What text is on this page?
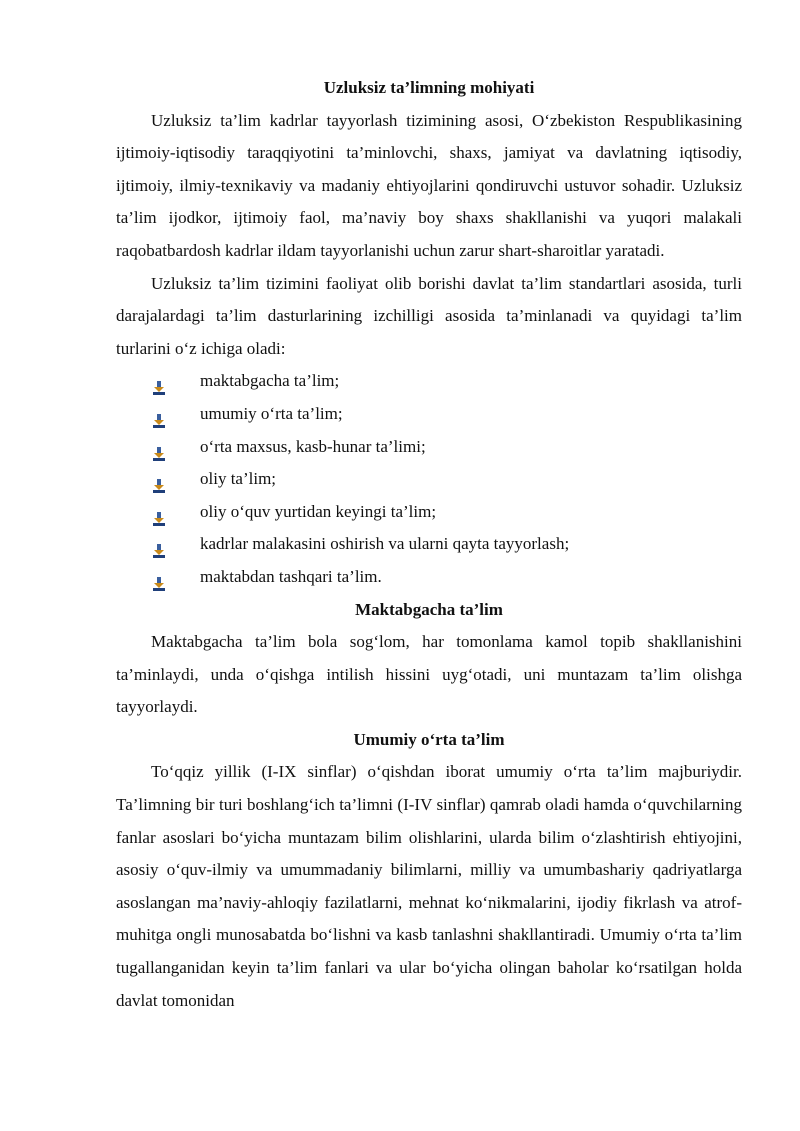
Uzluksiz ta’limning mohiyati

Uzluksiz ta’lim kadrlar tayyorlash tizimining asosi, O‘zbekiston Respublikasining ijtimoiy-iqtisodiy taraqqiyotini ta’minlovchi, shaxs, jamiyat va davlatning iqtisodiy, ijtimoiy, ilmiy-texnikaviy va madaniy ehtiyojlarini qondiruvchi ustuvor sohadir. Uzluksiz ta’lim ijodkor, ijtimoiy faol, ma’naviy boy shaxs shakllanishi va yuqori malakali raqobatbardosh kadrlar ildam tayyorlanishi uchun zarur shart-sharoitlar yaratadi.

Uzluksiz ta’lim tizimini faoliyat olib borishi davlat ta’lim standartlari asosida, turli darajalardagi ta’lim dasturlarining izchilligi asosida ta’minlanadi va quyidagi ta’lim turlarini o‘z ichiga oladi:

maktabgacha ta’lim;
umumiy o‘rta ta’lim;
o‘rta maxsus, kasb-hunar ta’limi;
oliy ta’lim;
oliy o‘quv yurtidan keyingi ta’lim;
kadrlar malakasini oshirish va ularni qayta tayyorlash;
maktabdan tashqari ta’lim.

Maktabgacha ta’lim

Maktabgacha ta’lim bola sog‘lom, har tomonlama kamol topib shakllanishini ta’minlaydi, unda o‘qishga intilish hissini uyg‘otadi, uni muntazam ta’lim olishga tayyorlaydi.

Umumiy o‘rta ta’lim

To‘qqiz yillik (I-IX sinflar) o‘qishdan iborat umumiy o‘rta ta’lim majburiydir. Ta’limning bir turi boshlang‘ich ta’limni (I-IV sinflar) qamrab oladi hamda o‘quvchilarning fanlar asoslari bo‘yicha muntazam bilim olishlarini, ularda bilim o‘zlashtirish ehtiyojini, asosiy o‘quv-ilmiy va umummadaniy bilimlarni, milliy va umumbashariy qadriyatlarga asoslangan ma’naviy-ahloqiy fazilatlarni, mehnat ko‘nikmalarini, ijodiy fikrlash va atrof-muhitga ongli munosabatda bo‘lishni va kasb tanlashni shakllantiradi. Umumiy o‘rta ta’lim tugallanganidan keyin ta’lim fanlari va ular bo‘yicha olingan baholar ko‘rsatilgan holda davlat tomonidan
